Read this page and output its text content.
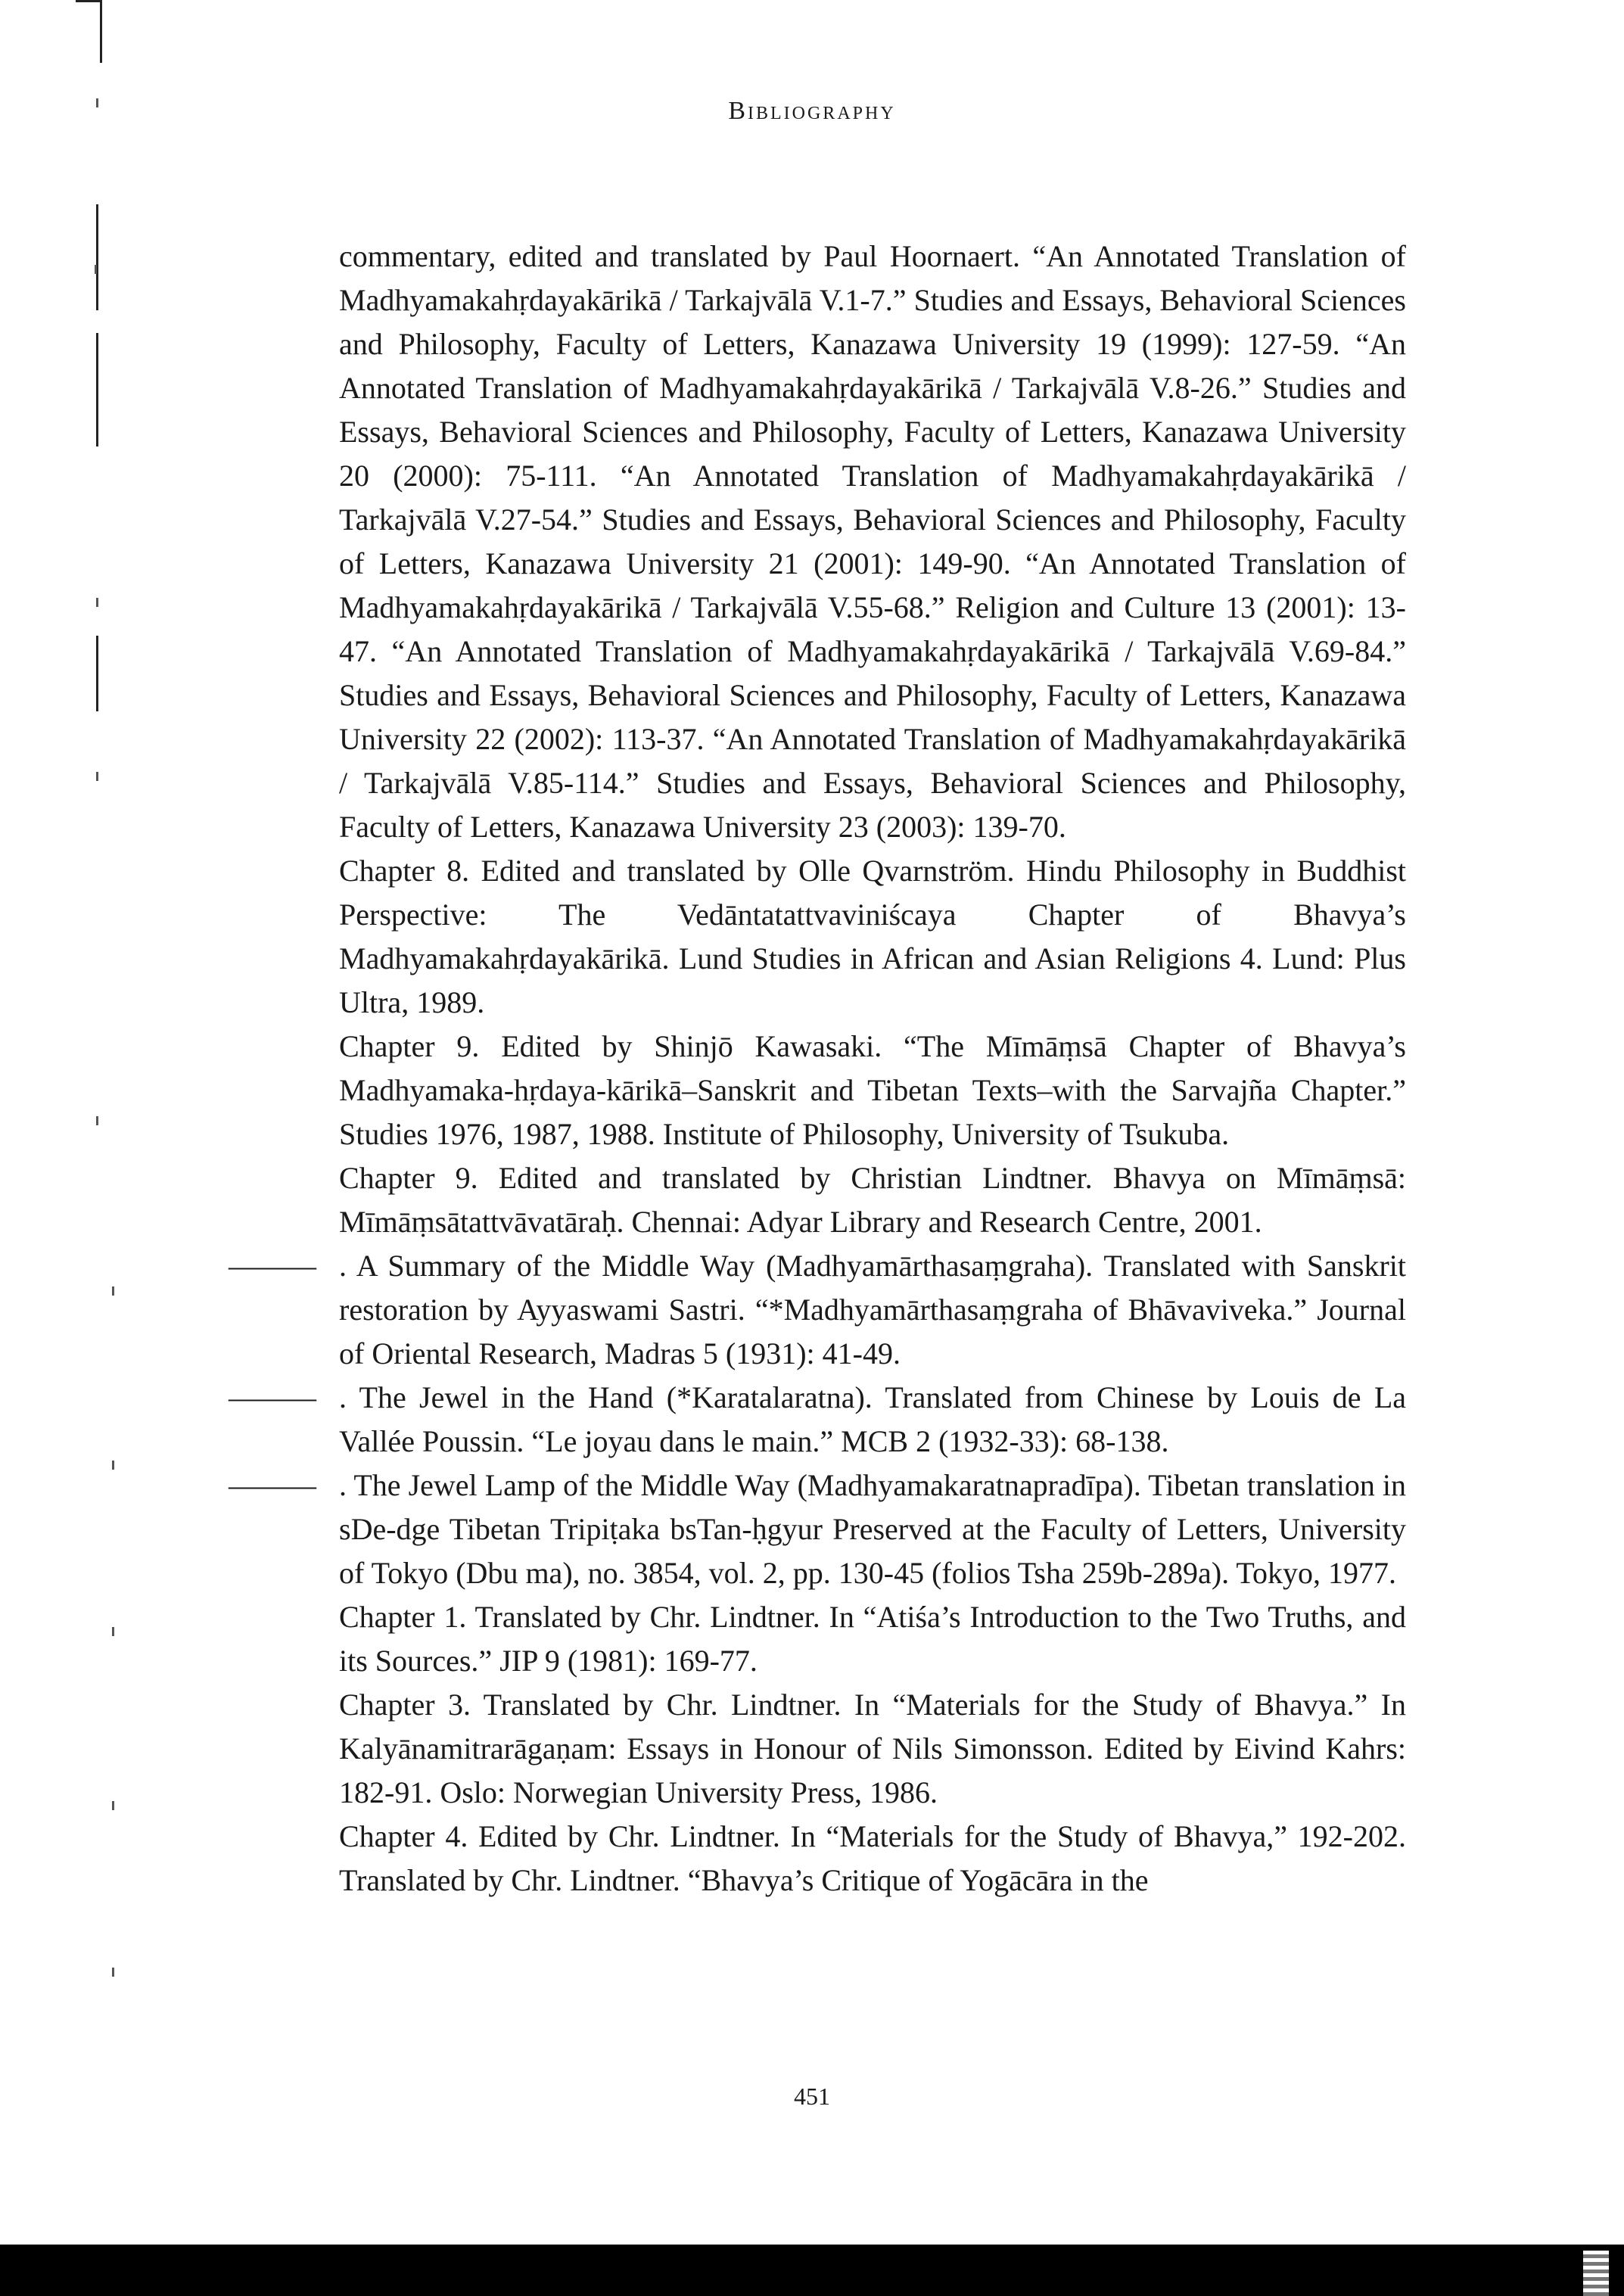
Bibliography
commentary, edited and translated by Paul Hoornaert. “An Annotated Translation of Madhyamakahṛdayakārikā / Tarkajvālā V.1-7.” Studies and Essays, Behavioral Sciences and Philosophy, Faculty of Letters, Kanazawa University 19 (1999): 127-59. “An Annotated Translation of Madhyamakahṛdayakārikā / Tarkajvālā V.8-26.” Studies and Essays, Behavioral Sciences and Philosophy, Faculty of Letters, Kanazawa University 20 (2000): 75-111. “An Annotated Translation of Madhyamakahṛdayakārikā / Tarkajvālā V.27-54.” Studies and Essays, Behavioral Sciences and Philosophy, Faculty of Letters, Kanazawa University 21 (2001): 149-90. “An Annotated Translation of Madhyamakahṛdayakārikā / Tarkajvālā V.55-68.” Religion and Culture 13 (2001): 13-47. “An Annotated Translation of Madhyamakahṛdayakārikā / Tarkajvālā V.69-84.” Studies and Essays, Behavioral Sciences and Philosophy, Faculty of Letters, Kanazawa University 22 (2002): 113-37. “An Annotated Translation of Madhyamakahṛdayakārikā / Tarkajvālā V.85-114.” Studies and Essays, Behavioral Sciences and Philosophy, Faculty of Letters, Kanazawa University 23 (2003): 139-70.
Chapter 8. Edited and translated by Olle Qvarnström. Hindu Philosophy in Buddhist Perspective: The Vedāntatattvaviniścaya Chapter of Bhavya’s Madhyamakahṛdayakārikā. Lund Studies in African and Asian Religions 4. Lund: Plus Ultra, 1989.
Chapter 9. Edited by Shinjō Kawasaki. “The Mīmāṃsā Chapter of Bhavya’s Madhyamaka-hṛdaya-kārikā–Sanskrit and Tibetan Texts–with the Sarvajña Chapter.” Studies 1976, 1987, 1988. Institute of Philosophy, University of Tsukuba.
Chapter 9. Edited and translated by Christian Lindtner. Bhavya on Mīmāṃsā: Mīmāṃsātattvāvatāraḥ. Chennai: Adyar Library and Research Centre, 2001.
——— . A Summary of the Middle Way (Madhyamārthasaṃgraha). Translated with Sanskrit restoration by Ayyaswami Sastri. “*Madhyamārthasaṃgraha of Bhāvaviveka.” Journal of Oriental Research, Madras 5 (1931): 41-49.
——— . The Jewel in the Hand (*Karatalaratna). Translated from Chinese by Louis de La Vallée Poussin. “Le joyau dans le main.” MCB 2 (1932-33): 68-138.
——— . The Jewel Lamp of the Middle Way (Madhyamakaratnapradīpa). Tibetan translation in sDe-dge Tibetan Tripiṭaka bsTan-ḥgyur Preserved at the Faculty of Letters, University of Tokyo (Dbu ma), no. 3854, vol. 2, pp. 130-45 (folios Tsha 259b-289a). Tokyo, 1977.
Chapter 1. Translated by Chr. Lindtner. In “Atiśa’s Introduction to the Two Truths, and its Sources.” JIP 9 (1981): 169-77.
Chapter 3. Translated by Chr. Lindtner. In “Materials for the Study of Bhavya.” In Kalyānamitrarāgaṇam: Essays in Honour of Nils Simonsson. Edited by Eivind Kahrs: 182-91. Oslo: Norwegian University Press, 1986.
Chapter 4. Edited by Chr. Lindtner. In “Materials for the Study of Bhavya,” 192-202. Translated by Chr. Lindtner. “Bhavya’s Critique of Yogācāra in the
451
